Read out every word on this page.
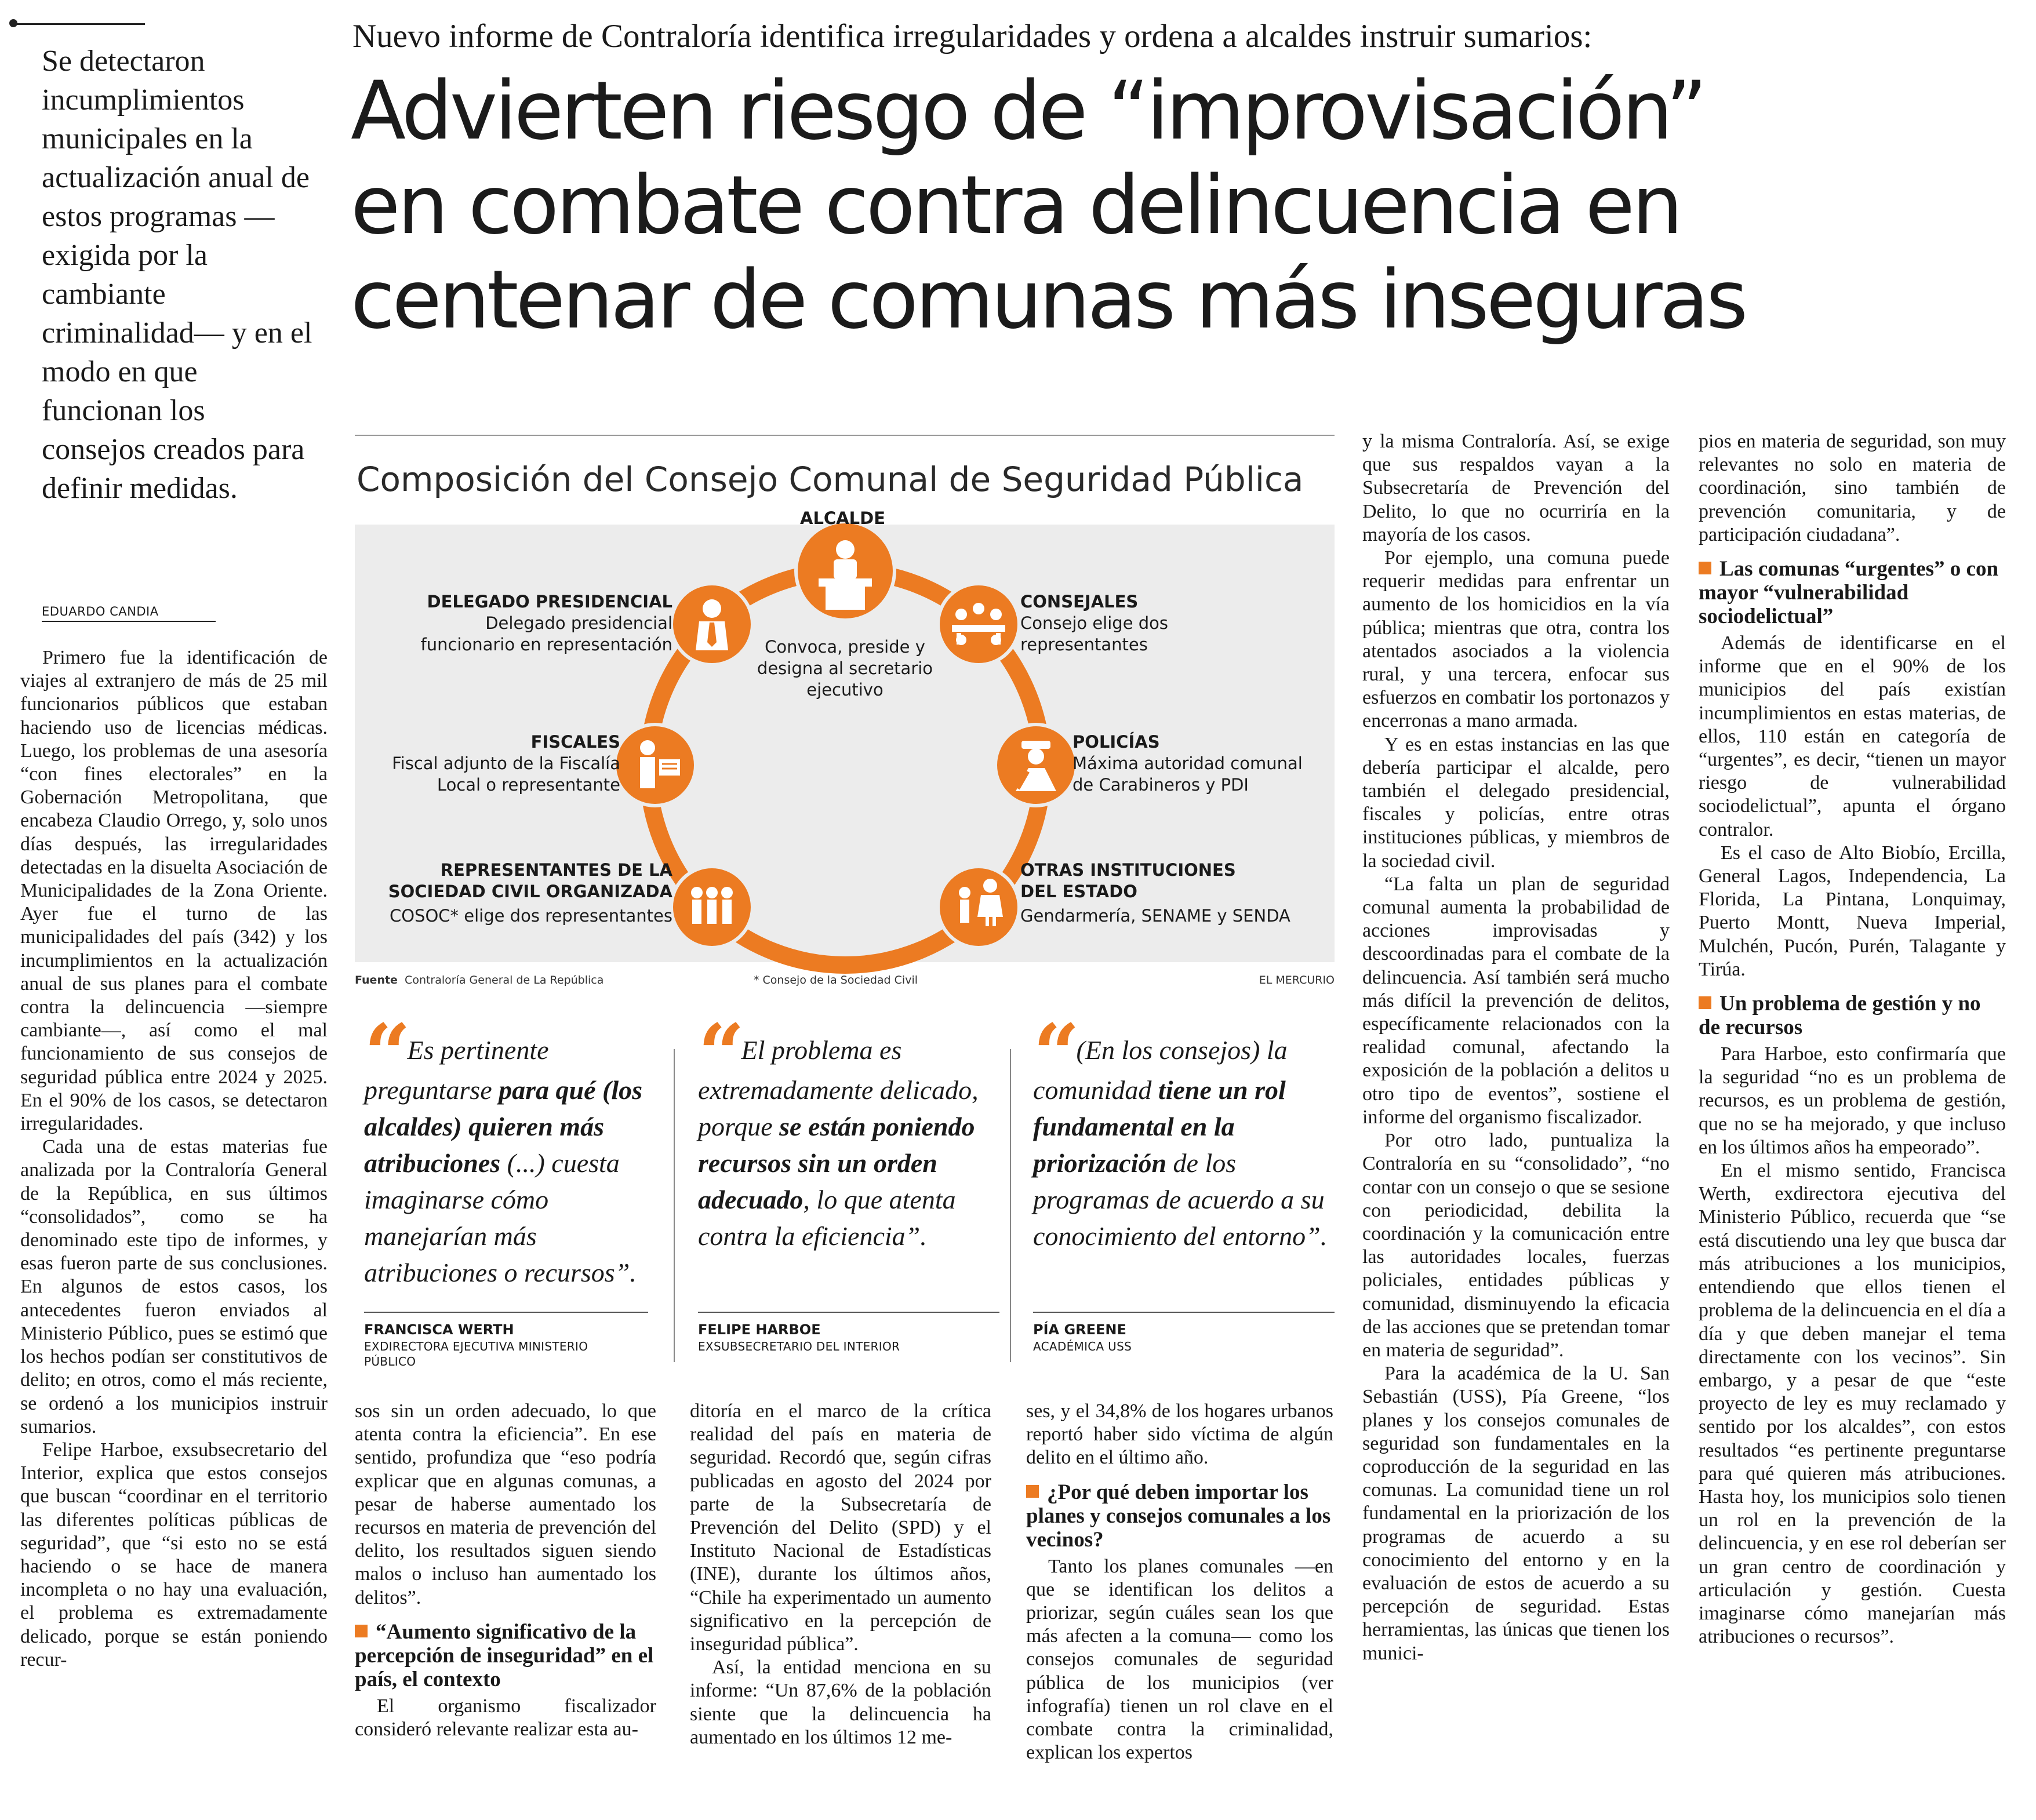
Se detectaron incumplimientos municipales en la actualización anual de estos programas —exigida por la cambiante criminalidad— y en el modo en que funcionan los consejos creados para definir medidas.
EDUARDO CANDIA
Nuevo informe de Contraloría identifica irregularidades y ordena a alcaldes instruir sumarios:
Advierten riesgo de “improvisación”
en combate contra delincuencia en
centenar de comunas más inseguras
Composición del Consejo Comunal de Seguridad Pública
ALCALDE
Convoca, preside y designa al secretario ejecutivo
CONSEJALES
Consejo elige dos representantes
POLICÍAS
Máxima autoridad comunal de Carabineros y PDI
OTRAS INSTITUCIONES DEL ESTADO
Gendarmería, SENAME y SENDA
REPRESENTANTES DE LA SOCIEDAD CIVIL ORGANIZADA
COSOC* elige dos representantes
FISCALES
Fiscal adjunto de la Fiscalía Local o representante
DELEGADO PRESIDENCIAL
Delegado presidencial funcionario en representación
Fuente Contraloría General de La República	* Consejo de la Sociedad Civil	EL MERCURIO
“ Es pertinente preguntarse para qué (los alcaldes) quieren más atribuciones (...) cuesta imaginarse cómo manejarían más atribuciones o recursos”.
FRANCISCA WERTH
EXDIRECTORA EJECUTIVA MINISTERIO PÚBLICO
“ El problema es extremadamente delicado, porque se están poniendo recursos sin un orden adecuado, lo que atenta contra la eficiencia”.
FELIPE HARBOE
EXSUBSECRETARIO DEL INTERIOR
“ (En los consejos) la comunidad tiene un rol fundamental en la priorización de los programas de acuerdo a su conocimiento del entorno”.
PÍA GREENE
ACADÉMICA USS

Primero fue la identificación de viajes al extranjero de más de 25 mil funcionarios públicos que estaban haciendo uso de licencias médicas. Luego, los problemas de una asesoría “con fines electorales” en la Gobernación Metropolitana, que encabeza Claudio Orrego, y, solo unos días después, las irregularidades detectadas en la disuelta Asociación de Municipalidades de la Zona Oriente. Ayer fue el turno de las municipalidades del país (342) y los incumplimientos en la actualización anual de sus planes para el combate contra la delincuencia —siempre cambiante—, así como el mal funcionamiento de sus consejos de seguridad pública entre 2024 y 2025. En el 90% de los casos, se detectaron irregularidades.

Cada una de estas materias fue analizada por la Contraloría General de la República, en sus últimos “consolidados”, como se ha denominado este tipo de informes, y esas fueron parte de sus conclusiones. En algunos de estos casos, los antecedentes fueron enviados al Ministerio Público, pues se estimó que los hechos podían ser constitutivos de delito; en otros, como el más reciente, se ordenó a los municipios instruir sumarios.

Felipe Harboe, exsubsecretario del Interior, explica que estos consejos que buscan “coordinar en el territorio las diferentes políticas públicas de seguridad”, que “si esto no se está haciendo o se hace de manera incompleta o no hay una evaluación, el problema es extremadamente delicado, porque se están poniendo recur-

sos sin un orden adecuado, lo que atenta contra la eficiencia”. En ese sentido, profundiza que “eso podría explicar que en algunas comunas, a pesar de haberse aumentado los recursos en materia de prevención del delito, los resultados siguen siendo malos o incluso han aumentado los delitos”.

“Aumento significativo de la percepción de inseguridad” en el país, el contexto

El organismo fiscalizador consideró relevante realizar esta au-

ditoría en el marco de la crítica realidad del país en materia de seguridad. Recordó que, según cifras publicadas en agosto del 2024 por parte de la Subsecretaría de Prevención del Delito (SPD) y el Instituto Nacional de Estadísticas (INE), durante los últimos años, “Chile ha experimentado un aumento significativo en la percepción de inseguridad pública”.

Así, la entidad menciona en su informe: “Un 87,6% de la población siente que la delincuencia ha aumentado en los últimos 12 me-

ses, y el 34,8% de los hogares urbanos reportó haber sido víctima de algún delito en el último año.

¿Por qué deben importar los planes y consejos comunales a los vecinos?

Tanto los planes comunales —en que se identifican los delitos a priorizar, según cuáles sean los que más afecten a la comuna— como los consejos comunales de seguridad pública de los municipios (ver infografía) tienen un rol clave en el combate contra la criminalidad, explican los expertos

y la misma Contraloría. Así, se exige que sus respaldos vayan a la Subsecretaría de Prevención del Delito, lo que no ocurriría en la mayoría de los casos.

Por ejemplo, una comuna puede requerir medidas para enfrentar un aumento de los homicidios en la vía pública; mientras que otra, contra los atentados asociados a la violencia rural, y una tercera, enfocar sus esfuerzos en combatir los portonazos y encerronas a mano armada.

Y es en estas instancias en las que debería participar el alcalde, pero también el delegado presidencial, fiscales y policías, entre otras instituciones públicas, y miembros de la sociedad civil.

“La falta un plan de seguridad comunal aumenta la probabilidad de acciones improvisadas y descoordinadas para el combate de la delincuencia. Así también será mucho más difícil la prevención de delitos, específicamente relacionados con la realidad comunal, afectando la exposición de la población a delitos u otro tipo de eventos”, sostiene el informe del organismo fiscalizador.

Por otro lado, puntualiza la Contraloría en su “consolidado”, “no contar con un consejo o que se sesione con periodicidad, debilita la coordinación y la comunicación entre las autoridades locales, fuerzas policiales, entidades públicas y comunidad, disminuyendo la eficacia de las acciones que se pretendan tomar en materia de seguridad”.

Para la académica de la U. San Sebastián (USS), Pía Greene, “los planes y los consejos comunales de seguridad son fundamentales en la coproducción de la seguridad en las comunas. La comunidad tiene un rol fundamental en la priorización de los programas de acuerdo a su conocimiento del entorno y en la evaluación de estos de acuerdo a su percepción de seguridad. Estas herramientas, las únicas que tienen los munici-

pios en materia de seguridad, son muy relevantes no solo en materia de coordinación, sino también de prevención comunitaria, y de participación ciudadana”.

Las comunas “urgentes” o con mayor “vulnerabilidad sociodelictual”

Además de identificarse en el informe que en el 90% de los municipios del país existían incumplimientos en estas materias, de ellos, 110 están en categoría de “urgentes”, es decir, “tienen un mayor riesgo de vulnerabilidad sociodelictual”, apunta el órgano contralor.

Es el caso de Alto Biobío, Ercilla, General Lagos, Independencia, La Florida, La Pintana, Lonquimay, Puerto Montt, Nueva Imperial, Mulchén, Pucón, Purén, Talagante y Tirúa.

Un problema de gestión y no de recursos

Para Harboe, esto confirmaría que la seguridad “no es un problema de recursos, es un problema de gestión, que no se ha mejorado, y que incluso en los últimos años ha empeorado”.

En el mismo sentido, Francisca Werth, exdirectora ejecutiva del Ministerio Público, recuerda que “se está discutiendo una ley que busca dar más atribuciones a los municipios, entendiendo que ellos tienen el problema de la delincuencia en el día a día y que deben manejar el tema directamente con los vecinos”. Sin embargo, y a pesar de que “este proyecto de ley es muy reclamado y sentido por los alcaldes”, con estos resultados “es pertinente preguntarse para qué quieren más atribuciones. Hasta hoy, los municipios solo tienen un rol en la prevención de la delincuencia, y en ese rol deberían ser un gran centro de coordinación y articulación y gestión. Cuesta imaginarse cómo manejarían más atribuciones o recursos”.
